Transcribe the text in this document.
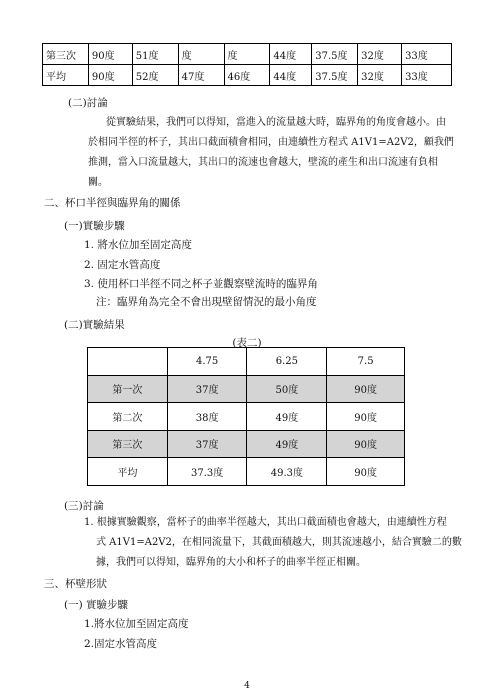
第三次	90度	51度	度	度	44度	37.5度	32度	33度
平均	90度	52度	47度	46度	44度	37.5度	32度	33度
(二)討論
從實驗結果，我們可以得知，當進入的流量越大時，臨界角的角度會越小。由
於相同半徑的杯子，其出口截面積會相同，由連續性方程式 A1V1=A2V2，顧我們
推測，當入口流量越大，其出口的流速也會越大，壁流的產生和出口流速有負相
關。
二、杯口半徑與臨界角的關係
(一)實驗步驟
1. 將水位加至固定高度
2. 固定水管高度
3. 使用杯口半徑不同之杯子並觀察壁流時的臨界角
注：臨界角為完全不會出現壁留情況的最小角度
(二)實驗結果
(表二)
	4.75	6.25	7.5
第一次	37度	50度	90度
第二次	38度	49度	90度
第三次	37度	49度	90度
平均	37.3度	49.3度	90度
(三)討論
1. 根據實驗觀察，當杯子的曲率半徑越大，其出口截面積也會越大，由連續性方程
式 A1V1=A2V2，在相同流量下，其截面積越大，則其流速越小，結合實驗二的數
據，我們可以得知，臨界角的大小和杯子的曲率半徑正相關。
三、杯壁形狀
(一) 實驗步驟
1.將水位加至固定高度
2.固定水管高度
4
